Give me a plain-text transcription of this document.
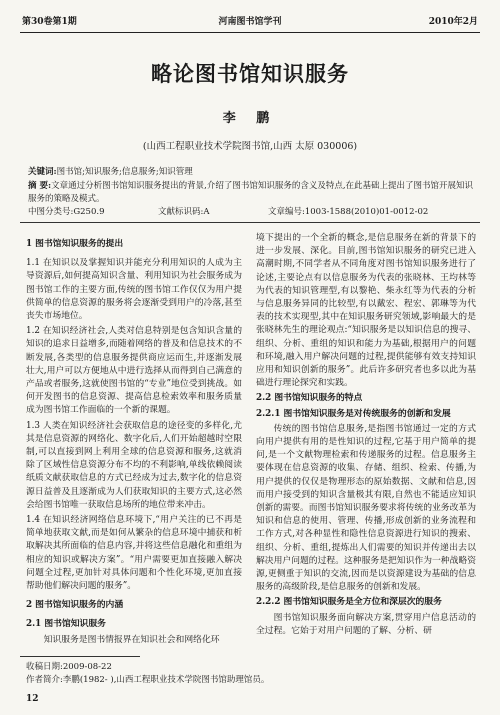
第30卷第1期	河南图书馆学刊	2010年2月
略论图书馆知识服务
李 鹏
(山西工程职业技术学院图书馆,山西 太原 030006)
关键词:图书馆;知识服务;信息服务;知识管理
摘 要:文章通过分析图书馆知识服务提出的背景,介绍了图书馆知识服务的含义及特点,在此基础上提出了图书馆开展知识服务的策略及模式。
中图分类号:G250.9	文献标识码:A	文章编号:1003-1588(2010)01-0012-02

1 图书馆知识服务的提出

1.1 在知识以及掌握知识并能充分利用知识的人成为主导资源后,如何提高知识含量、利用知识为社会服务成为图书馆工作的主要方面,传统的图书馆工作仅仅为用户提供简单的信息资源的服务将会逐渐受到用户的冷落,甚至丧失市场地位。

1.2 在知识经济社会,人类对信息特别是包含知识含量的知识的追求日益增多,而随着网络的普及和信息技术的不断发展,各类型的信息服务提供商应运而生,并逐渐发展壮大,用户可以方便地从中进行选择从而得到自己满意的产品或者服务,这就使图书馆的“专业”地位受到挑战。如何开发图书的信息资源、提高信息检索效率和服务质量成为图书馆工作面临的一个新的课题。

1.3 人类在知识经济社会获取信息的途径变的多样化,尤其是信息资源的网络化、数字化后,人们开始超越时空限制,可以直接到网上利用全球的信息资源和服务,这就消除了区域性信息资源分布不均的不利影响,单线依赖阅读纸质文献获取信息的方式已经成为过去,数字化的信息资源日益普及且逐渐成为人们获取知识的主要方式,这必然会给图书馆唯一获取信息场所的地位带来冲击。

1.4 在知识经济网络信息环境下,“用户关注的已不再是简单地获取文献,而是如何从繁杂的信息环境中捕获和析取解决其所面临的信息内容,并将这些信息融化和重组为相应的知识或解决方案”。“用户需要更加直接融入解决问题全过程,更加针对具体问题和个性化环境,更加直接帮助他们解决问题的服务”。

2 图书馆知识服务的内涵

2.1 图书馆知识服务

知识服务是图书情报界在知识社会和网络化环

境下提出的一个全新的概念,是信息服务在新的背景下的进一步发展、深化。目前,图书馆知识服务的研究已进入高潮时期,不同学者从不同角度对图书馆知识服务进行了论述,主要论点有以信息服务为代表的张晓林、王均林等为代表的知识管理型,有以黎艳、柴永红等为代表的分析与信息服务异同的比较型,有以戴宏、程宏、郭琳等为代表的技术实现型,其中在知识服务研究领域,影响最大的是张晓林先生的理论观点:“知识服务是以知识信息的搜寻、组织、分析、重组的知识和能力为基础,根据用户的问题和环境,融入用户解决问题的过程,提供能够有效支持知识应用和知识创新的服务”。此后许多研究者也多以此为基础进行理论探究和实践。

2.2 图书馆知识服务的特点

2.2.1 图书馆知识服务是对传统服务的创新和发展

传统的图书馆信息服务,是指图书馆通过一定的方式向用户提供有用的是性知识的过程,它基于用户简单的提问,是一个文献物理检索和传递服务的过程。信息服务主要体现在信息资源的收集、存储、组织、检索、传播,为用户提供的仅仅是物理形态的原始数据、文献和信息,因而用户接受到的知识含量极其有限,自然也不能适应知识创新的需要。而图书馆知识服务要求将传统的业务改革为知识和信息的使用、管理、传播,形成创新的业务流程和工作方式,对各种显性和隐性信息资源进行知识的搜索、组织、分析、重组,提炼出人们需要的知识并传递出去以解决用户问题的过程。这种服务是把知识作为一种战略资源,更侧重于知识的交流,因而是以资源建设为基础的信息服务的高级阶段,是信息服务的创新和发展。

2.2.2 图书馆知识服务是全方位和深层次的服务

图书馆知识服务面向解决方案,贯穿用户信息活动的全过程。它始于对用户问题的了解、分析、研

收稿日期:2009-08-22
作者简介:李鹏(1982- ),山西工程职业技术学院图书馆助理馆员。
12
